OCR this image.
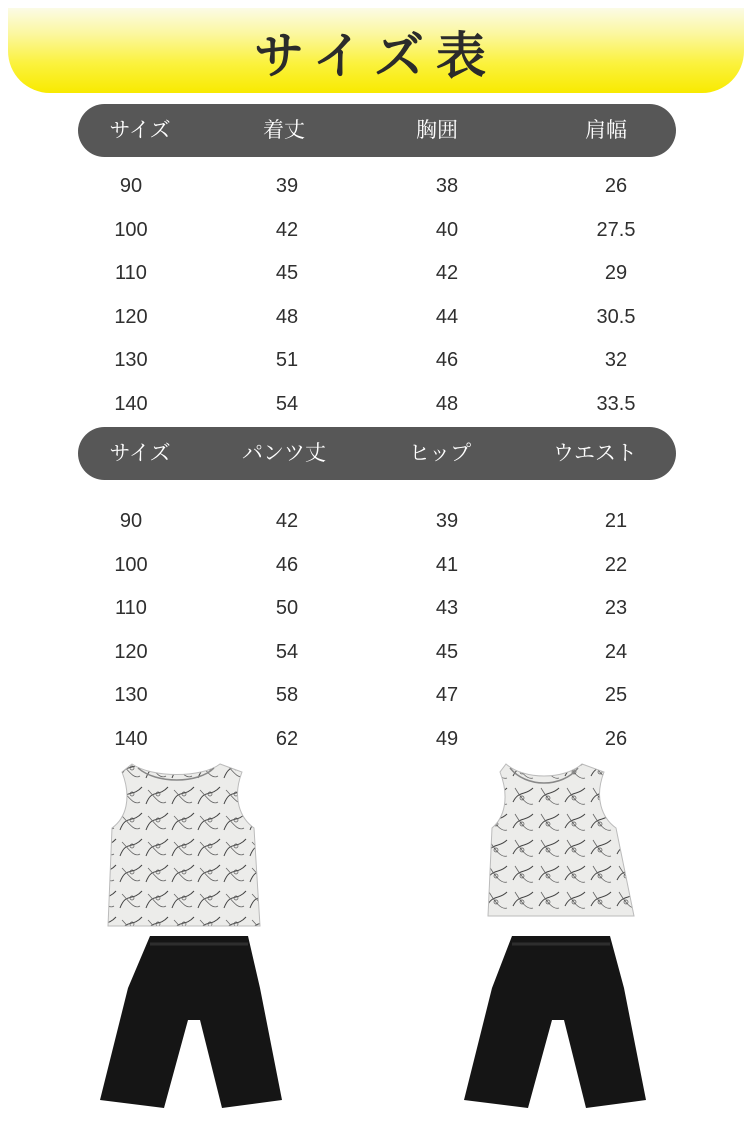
サイズ表
サイズ	着丈	胸囲	肩幅
90	39	38	26
100	42	40	27.5
110	45	42	29
120	48	44	30.5
130	51	46	32
140	54	48	33.5
サイズ	パンツ丈	ヒップ	ウエスト
90	42	39	21
100	46	41	22
110	50	43	23
120	54	45	24
130	58	47	25
140	62	49	26
